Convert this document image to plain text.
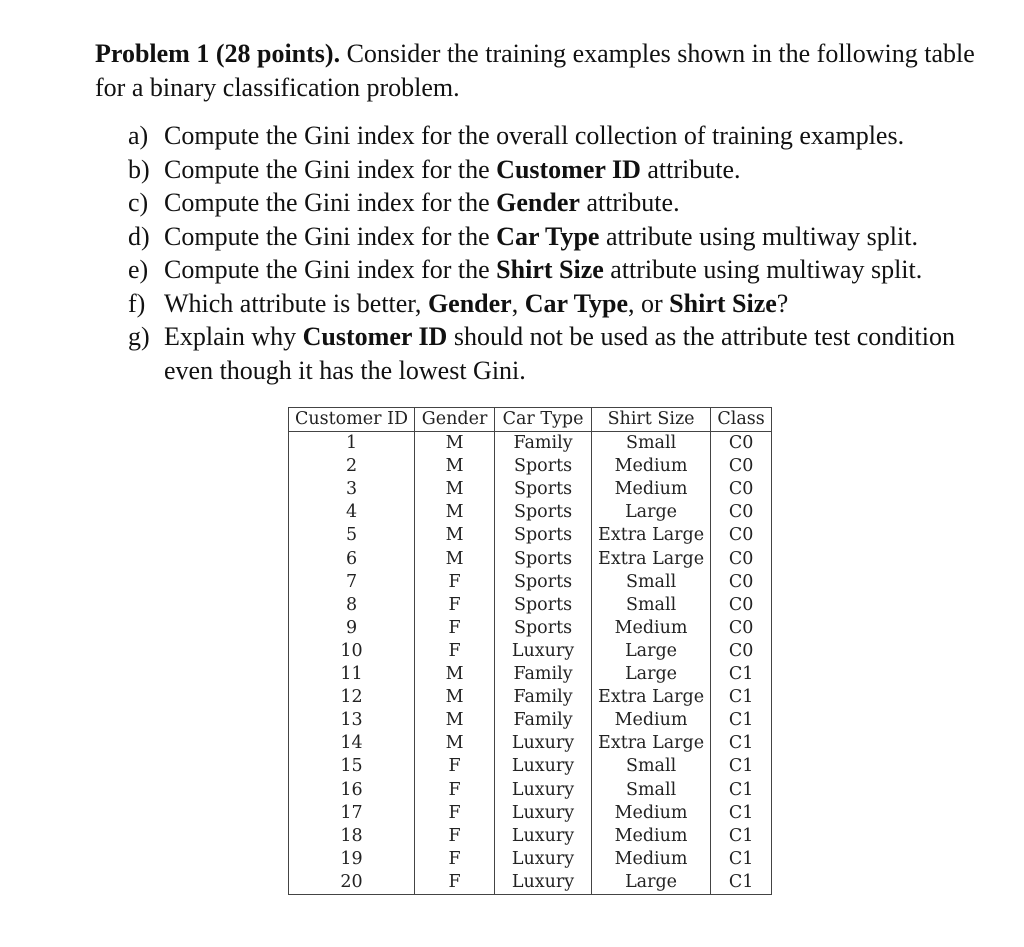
Problem 1 (28 points). Consider the training examples shown in the following table for a binary classification problem.

a) Compute the Gini index for the overall collection of training examples.
b) Compute the Gini index for the Customer ID attribute.
c) Compute the Gini index for the Gender attribute.
d) Compute the Gini index for the Car Type attribute using multiway split.
e) Compute the Gini index for the Shirt Size attribute using multiway split.
f) Which attribute is better, Gender, Car Type, or Shirt Size?
g) Explain why Customer ID should not be used as the attribute test condition even though it has the lowest Gini.
Customer ID	Gender	Car Type	Shirt Size	Class
1	M	Family	Small	C0
2	M	Sports	Medium	C0
3	M	Sports	Medium	C0
4	M	Sports	Large	C0
5	M	Sports	Extra Large	C0
6	M	Sports	Extra Large	C0
7	F	Sports	Small	C0
8	F	Sports	Small	C0
9	F	Sports	Medium	C0
10	F	Luxury	Large	C0
11	M	Family	Large	C1
12	M	Family	Extra Large	C1
13	M	Family	Medium	C1
14	M	Luxury	Extra Large	C1
15	F	Luxury	Small	C1
16	F	Luxury	Small	C1
17	F	Luxury	Medium	C1
18	F	Luxury	Medium	C1
19	F	Luxury	Medium	C1
20	F	Luxury	Large	C1
